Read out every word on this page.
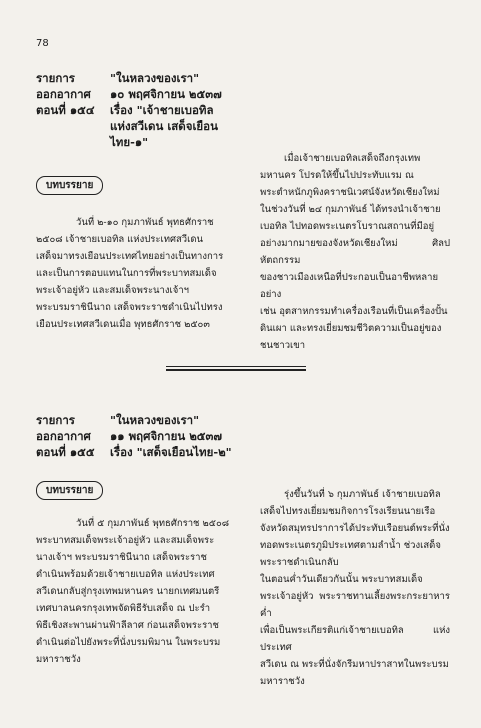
78
รายการ	"ในหลวงของเรา"
ออกอากาศ	๑๐ พฤศจิกายน ๒๕๓๗
ตอนที่ ๑๕๔	เรื่อง "เจ้าชายเบอทิล
แห่งสวีเดน เสด็จเยือน
ไทย-๑"
บทบรรยาย
วันที่ ๒-๑๐ กุมภาพันธ์ พุทธศักราช
๒๕๐๘ เจ้าชายเบอทิล แห่งประเทศสวีเดน
เสด็จมาทรงเยือนประเทศไทยอย่างเป็นทางการ
และเป็นการตอบแทนในการที่พระบาทสมเด็จ
พระเจ้าอยู่หัว และสมเด็จพระนางเจ้าฯ
พระบรมราชินีนาถ เสด็จพระราชดำเนินไปทรง
เยือนประเทศสวีเดนเมื่อ พุทธศักราช ๒๕๐๓
เมื่อเจ้าชายเบอทิลเสด็จถึงกรุงเทพ
มหานคร โปรดให้ขึ้นไปประทับแรม ณ
พระตำหนักภูพิงคราชนิเวศน์จังหวัดเชียงใหม่
ในช่วงวันที่ ๒๔ กุมภาพันธ์ ได้ทรงนำเจ้าชาย
เบอทิล ไปทอดพระเนตรโบราณสถานที่มีอยู่
อย่างมากมายของจังหวัดเชียงใหม่ ศิลปหัตถกรรม
ของชาวเมืองเหนือที่ประกอบเป็นอาชีพหลายอย่าง
เช่น อุตสาหกรรมทำเครื่องเรือนที่เป็นเครื่องปั้น
ดินเผา และทรงเยี่ยมชมชีวิตความเป็นอยู่ของ
ชนชาวเขา
รายการ	"ในหลวงของเรา"
ออกอากาศ	๑๑ พฤศจิกายน ๒๕๓๗
ตอนที่ ๑๕๕	เรื่อง "เสด็จเยือนไทย-๒"
บทบรรยาย
วันที่ ๕ กุมภาพันธ์ พุทธศักราช ๒๕๐๘
พระบาทสมเด็จพระเจ้าอยู่หัว และสมเด็จพระ
นางเจ้าฯ พระบรมราชินีนาถ เสด็จพระราช
ดำเนินพร้อมด้วยเจ้าชายเบอทิล แห่งประเทศ
สวีเดนกลับสู่กรุงเทพมหานคร นายกเทศมนตรี
เทศบาลนครกรุงเทพจัดพิธีรับเสด็จ ณ ปะรำ
พิธีเชิงสะพานผ่านฟ้าลีลาศ ก่อนเสด็จพระราช
ดำเนินต่อไปยังพระที่นั่งบรมพิมาน ในพระบรม
มหาราชวัง
รุ่งขึ้นวันที่ ๖ กุมภาพันธ์ เจ้าชายเบอทิล
เสด็จไปทรงเยี่ยมชมกิจการโรงเรียนนายเรือ
จังหวัดสมุทรปราการได้ประทับเรือยนต์พระที่นั่ง
ทอดพระเนตรภูมิประเทศตามลำน้ำ ช่วงเสด็จ
พระราชดำเนินกลับ
ในตอนค่ำวันเดียวกันนั้น พระบาทสมเด็จ
พระเจ้าอยู่หัว พระราชทานเลี้ยงพระกระยาหารค่ำ
เพื่อเป็นพระเกียรติแก่เจ้าชายเบอทิล แห่งประเทศ
สวีเดน ณ พระที่นั่งจักรีมหาปราสาทในพระบรม
มหาราชวัง
